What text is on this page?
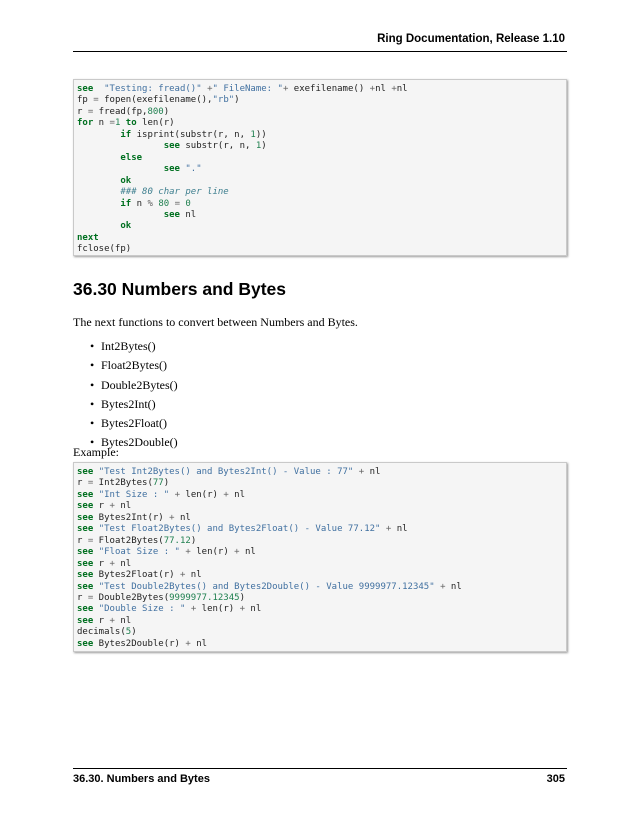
Ring Documentation, Release 1.10
see "Testing: fread()" +" FileName: "+ exefilename() +nl +nl
fp = fopen(exefilename(),"rb")
r = fread(fp,800)
for n =1 to len(r)
if isprint(substr(r, n, 1))
see substr(r, n, 1)
else
see "."
ok
### 80 char per line
if n % 80 = 0
see nl
ok
next
fclose(fp)
36.30 Numbers and Bytes
The next functions to convert between Numbers and Bytes.
• Int2Bytes()
• Float2Bytes()
• Double2Bytes()
• Bytes2Int()
• Bytes2Float()
• Bytes2Double()
Example:
see "Test Int2Bytes() and Bytes2Int() - Value : 77" + nl
r = Int2Bytes(77)
see "Int Size : " + len(r) + nl
see r + nl
see Bytes2Int(r) + nl
see "Test Float2Bytes() and Bytes2Float() - Value 77.12" + nl
r = Float2Bytes(77.12)
see "Float Size : " + len(r) + nl
see r + nl
see Bytes2Float(r) + nl
see "Test Double2Bytes() and Bytes2Double() - Value 9999977.12345" + nl
r = Double2Bytes(9999977.12345)
see "Double Size : " + len(r) + nl
see r + nl
decimals(5)
see Bytes2Double(r) + nl
36.30. Numbers and Bytes	305
